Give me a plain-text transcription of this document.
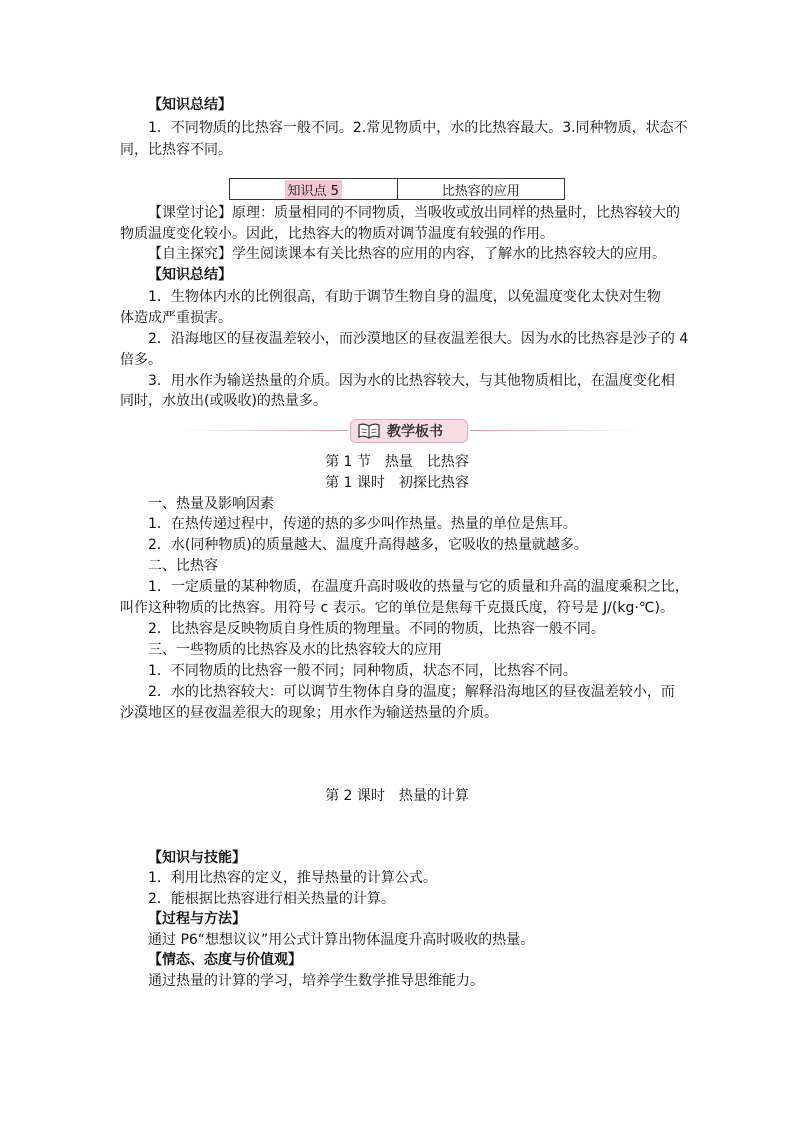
【知识总结】

1．不同物质的比热容一般不同。2.常见物质中，水的比热容最大。3.同种物质，状态不

同，比热容不同。

知识点 5	比热容的应用

【课堂讨论】原理：质量相同的不同物质，当吸收或放出同样的热量时，比热容较大的

物质温度变化较小。因此，比热容大的物质对调节温度有较强的作用。

【自主探究】学生阅读课本有关比热容的应用的内容，了解水的比热容较大的应用。

【知识总结】

1．生物体内水的比例很高，有助于调节生物自身的温度，以免温度变化太快对生物

体造成严重损害。

2．沿海地区的昼夜温差较小，而沙漠地区的昼夜温差很大。因为水的比热容是沙子的 4

倍多。

3．用水作为输送热量的介质。因为水的比热容较大，与其他物质相比，在温度变化相

同时，水放出(或吸收)的热量多。

教学板书

第 1 节　热量　比热容

第 1 课时　初探比热容

一、热量及影响因素

1．在热传递过程中，传递的热的多少叫作热量。热量的单位是焦耳。

2．水(同种物质)的质量越大、温度升高得越多，它吸收的热量就越多。

二、比热容

1．一定质量的某种物质，在温度升高时吸收的热量与它的质量和升高的温度乘积之比，

叫作这种物质的比热容。用符号 c 表示。它的单位是焦每千克摄氏度，符号是 J/(kg·℃)。

2．比热容是反映物质自身性质的物理量。不同的物质，比热容一般不同。

三、一些物质的比热容及水的比热容较大的应用

1．不同物质的比热容一般不同；同种物质，状态不同，比热容不同。

2．水的比热容较大：可以调节生物体自身的温度；解释沿海地区的昼夜温差较小，而

沙漠地区的昼夜温差很大的现象；用水作为输送热量的介质。

第 2 课时　热量的计算

【知识与技能】

1．利用比热容的定义，推导热量的计算公式。

2．能根据比热容进行相关热量的计算。

【过程与方法】

通过 P6“想想议议”用公式计算出物体温度升高时吸收的热量。

【情态、态度与价值观】

通过热量的计算的学习，培养学生数学推导思维能力。
